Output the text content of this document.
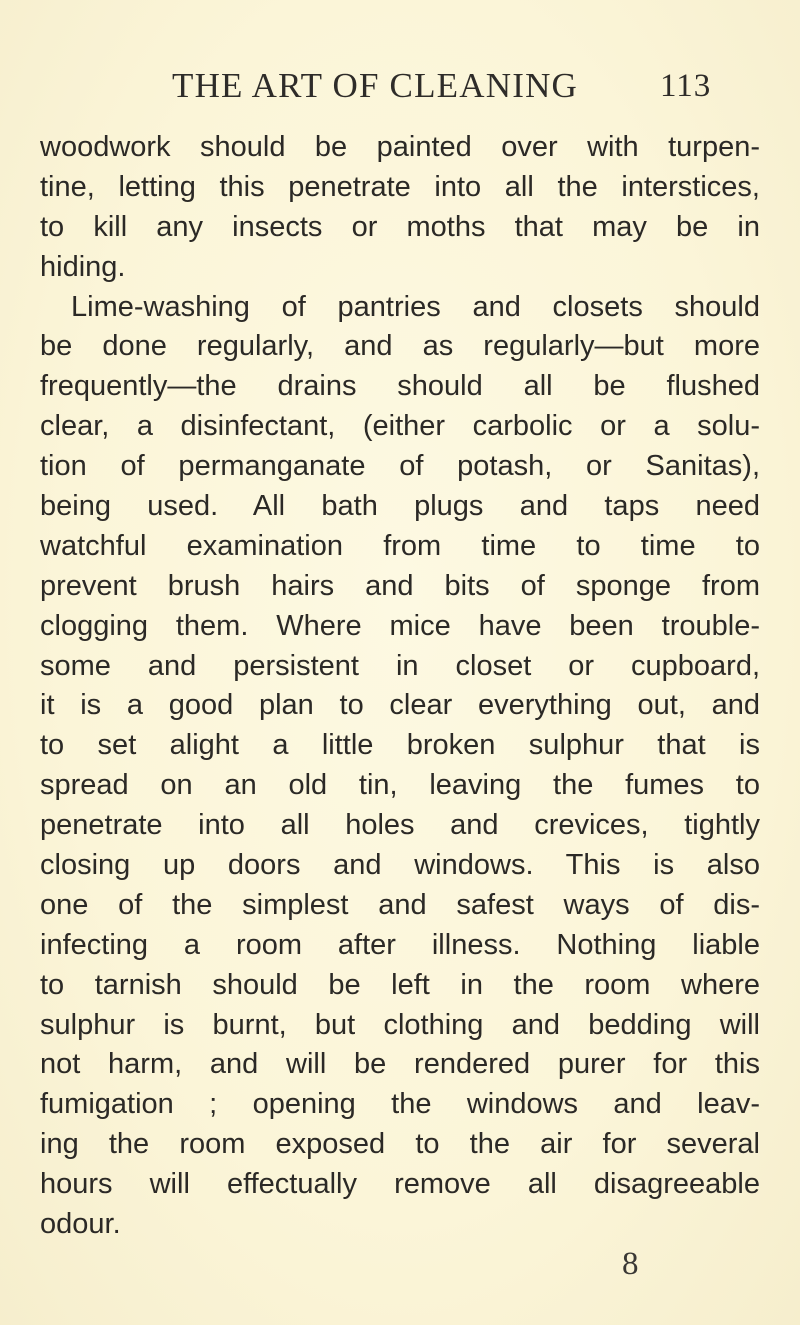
THE ART OF CLEANING	113
woodwork should be painted over with turpen-
tine, letting this penetrate into all the interstices,
to kill any insects or moths that may be in
hiding.
Lime-washing of pantries and closets should
be done regularly, and as regularly—but more
frequently—the drains should all be flushed
clear, a disinfectant, (either carbolic or a solu-
tion of permanganate of potash, or Sanitas),
being used. All bath plugs and taps need
watchful examination from time to time to
prevent brush hairs and bits of sponge from
clogging them. Where mice have been trouble-
some and persistent in closet or cupboard,
it is a good plan to clear everything out, and
to set alight a little broken sulphur that is
spread on an old tin, leaving the fumes to
penetrate into all holes and crevices, tightly
closing up doors and windows. This is also
one of the simplest and safest ways of dis-
infecting a room after illness. Nothing liable
to tarnish should be left in the room where
sulphur is burnt, but clothing and bedding will
not harm, and will be rendered purer for this
fumigation ; opening the windows and leav-
ing the room exposed to the air for several
hours will effectually remove all disagreeable
odour.
8
